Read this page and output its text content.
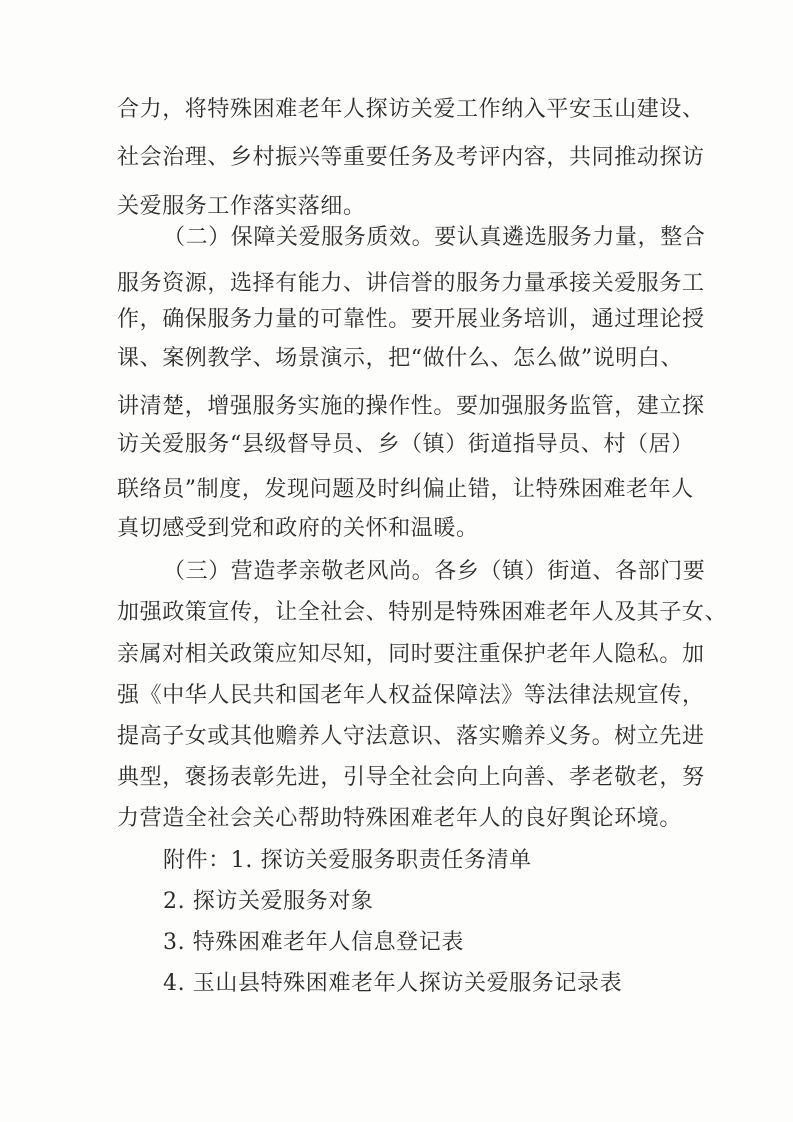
合力，将特殊困难老年人探访关爱工作纳入平安玉山建设、
社会治理、乡村振兴等重要任务及考评内容，共同推动探访
关爱服务工作落实落细。
（二）保障关爱服务质效。要认真遴选服务力量，整合
服务资源，选择有能力、讲信誉的服务力量承接关爱服务工
作，确保服务力量的可靠性。要开展业务培训，通过理论授
课、案例教学、场景演示，把“做什么、怎么做”说明白、
讲清楚，增强服务实施的操作性。要加强服务监管，建立探
访关爱服务“县级督导员、乡（镇）街道指导员、村（居）
联络员”制度，发现问题及时纠偏止错，让特殊困难老年人
真切感受到党和政府的关怀和温暖。
（三）营造孝亲敬老风尚。各乡（镇）街道、各部门要
加强政策宣传，让全社会、特别是特殊困难老年人及其子女、
亲属对相关政策应知尽知，同时要注重保护老年人隐私。加
强《中华人民共和国老年人权益保障法》等法律法规宣传，
提高子女或其他赡养人守法意识、落实赡养义务。树立先进
典型，褒扬表彰先进，引导全社会向上向善、孝老敬老，努
力营造全社会关心帮助特殊困难老年人的良好舆论环境。
附件：1. 探访关爱服务职责任务清单
2. 探访关爱服务对象
3. 特殊困难老年人信息登记表
4. 玉山县特殊困难老年人探访关爱服务记录表
